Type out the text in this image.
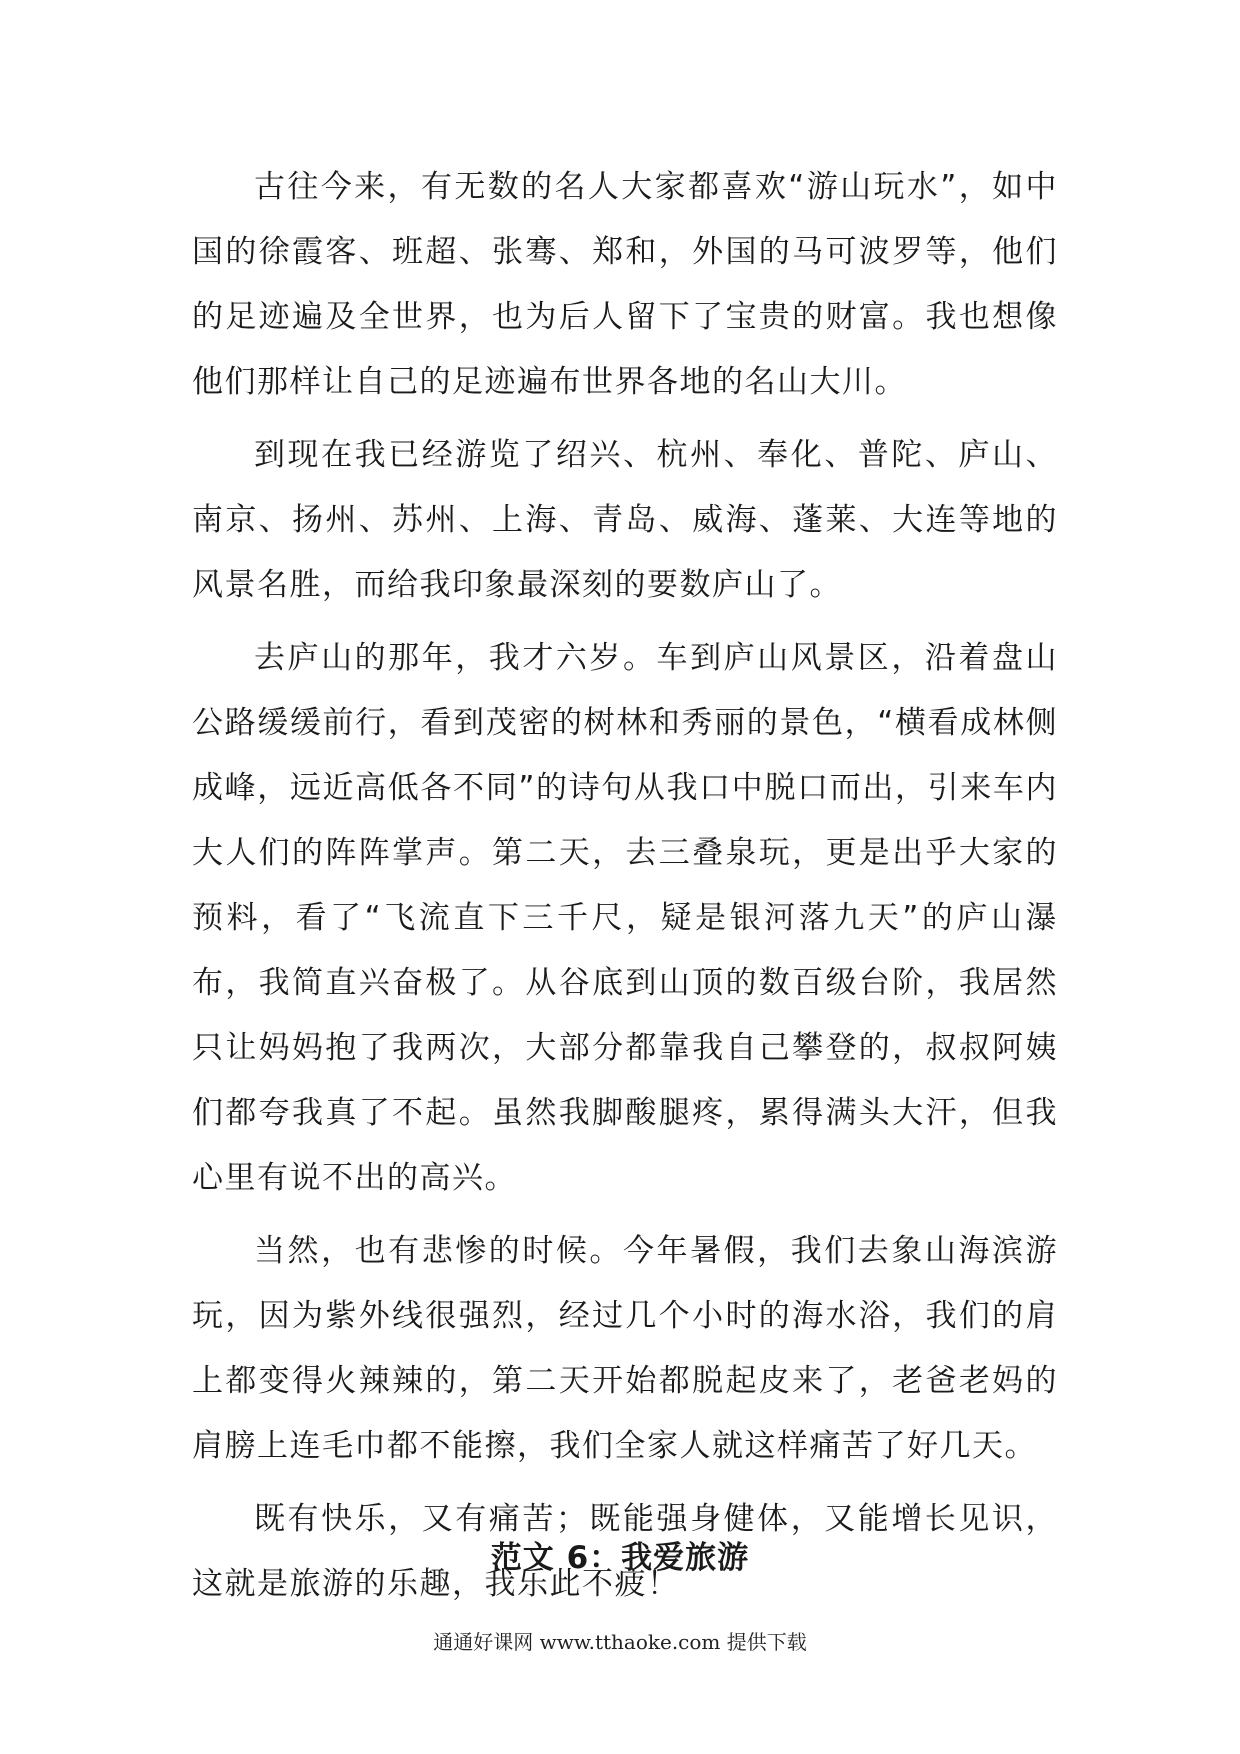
古往今来，有无数的名人大家都喜欢“游山玩水”，如中国的徐霞客、班超、张骞、郑和，外国的马可波罗等，他们的足迹遍及全世界，也为后人留下了宝贵的财富。我也想像他们那样让自己的足迹遍布世界各地的名山大川。

到现在我已经游览了绍兴、杭州、奉化、普陀、庐山、南京、扬州、苏州、上海、青岛、威海、蓬莱、大连等地的风景名胜，而给我印象最深刻的要数庐山了。

去庐山的那年，我才六岁。车到庐山风景区，沿着盘山公路缓缓前行，看到茂密的树林和秀丽的景色，“横看成林侧成峰，远近高低各不同”的诗句从我口中脱口而出，引来车内大人们的阵阵掌声。第二天，去三叠泉玩，更是出乎大家的预料，看了“飞流直下三千尺，疑是银河落九天”的庐山瀑布，我简直兴奋极了。从谷底到山顶的数百级台阶，我居然只让妈妈抱了我两次，大部分都靠我自己攀登的，叔叔阿姨们都夸我真了不起。虽然我脚酸腿疼，累得满头大汗，但我心里有说不出的高兴。

当然，也有悲惨的时候。今年暑假，我们去象山海滨游玩，因为紫外线很强烈，经过几个小时的海水浴，我们的肩上都变得火辣辣的，第二天开始都脱起皮来了，老爸老妈的肩膀上连毛巾都不能擦，我们全家人就这样痛苦了好几天。

既有快乐，又有痛苦；既能强身健体，又能增长见识，这就是旅游的乐趣，我乐此不疲！

范文 6：我爱旅游
通通好课网 www.tthaoke.com 提供下载
